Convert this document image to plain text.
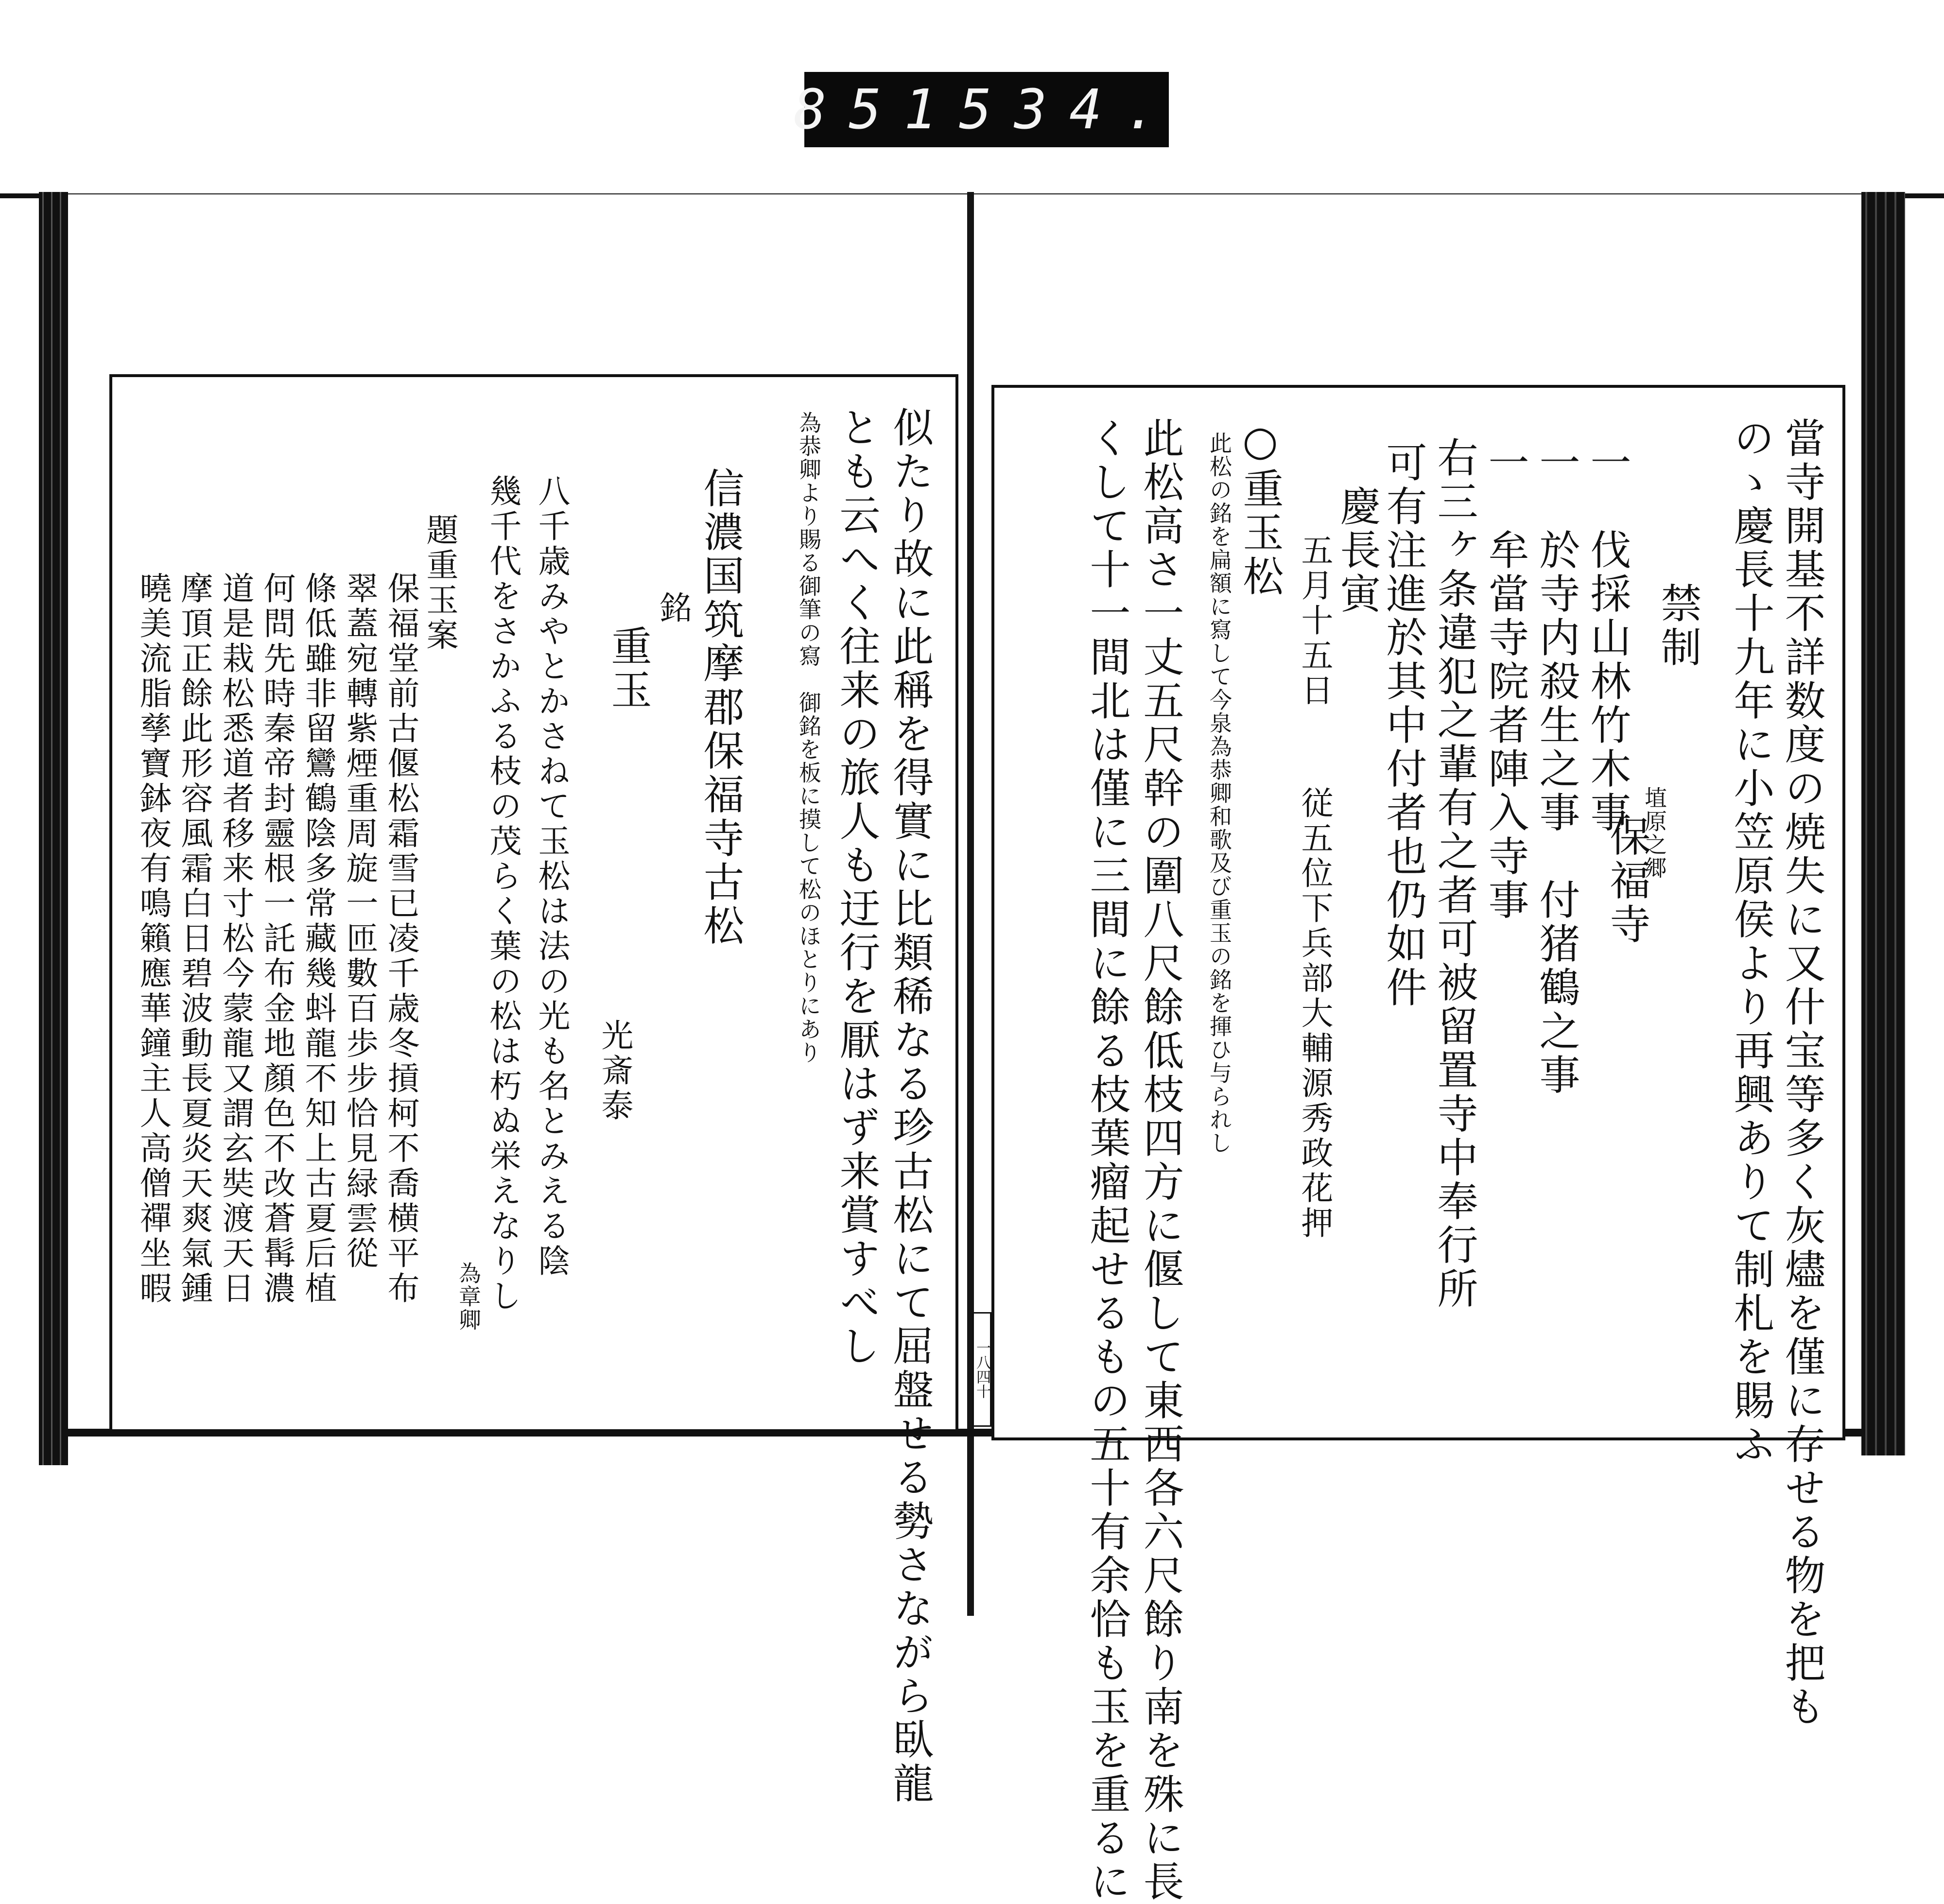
851 534.
當寺開基不詳数度の焼失に又什宝等多く灰燼を僅に存せる物を把も
のゝ慶長十九年に小笠原侯より再興ありて制札を賜ふ
禁制
埴原之郷
保福寺
一　伐採山林竹木事
一　於寺内殺生之事　付猪鶴之事
一　牟當寺院者陣入寺事
右三ヶ条違犯之輩有之者可被留置寺中奉行所
可有注進於其中付者也仍如件
慶長寅
五月十五日
従五位下兵部大輔源秀政花押
○重玉松
此松の銘を扁額に寫して今泉為恭卿和歌及び重玉の銘を揮ひ与られし
此松高さ一丈五尺幹の圍八尺餘低枝四方に偃して東西各六尺餘り南を殊に長
くして十一間北は僅に三間に餘る枝葉瘤起せるもの五十有余恰も玉を重るに
一八四十
似たり故に此稱を得實に比類稀なる珍古松にて屈盤せる勢さながら臥龍
とも云へく往来の旅人も迂行を厭はず来賞すべし
為恭卿より賜る御筆の寫　御銘を板に摸して松のほとりにあり
信濃国筑摩郡保福寺古松
銘
重玉
光斎泰
八千歳みやとかさねて玉松は法の光も名とみえる陰
幾千代をさかふる枝の茂らく葉の松は朽ぬ栄えなりし
為章卿
題重玉案
保福堂前古偃松霜雪已凌千歳冬摃柯不喬横平布
翠蓋宛轉紫煙重周旋一匝數百歩步恰見緑雲從
條低雖非留鸞鶴陰多常藏幾蚪龍不知上古夏后植
何問先時秦帝封靈根一託布金地顏色不改蒼髯濃
道是栽松悉道者移来寸松今蒙龍又謂玄奘渡天日
摩頂正餘此形容風霜白日碧波動長夏炎天爽氣鍾
曉美流脂孳寶鉢夜有鳴籟應華鐘主人高僧禪坐暇
